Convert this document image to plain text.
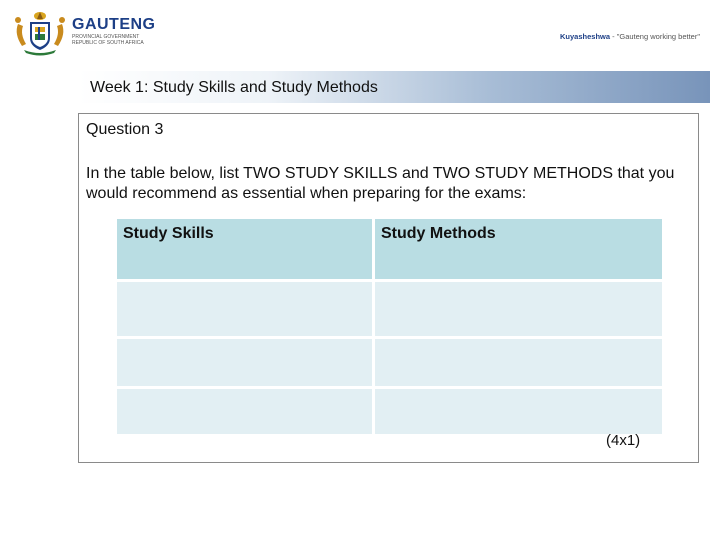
GAUTENG
PROVINCIAL GOVERNMENT
REPUBLIC OF SOUTH AFRICA
Kuyasheshwa - "Gauteng working better"
Week 1: Study Skills and Study Methods
Question 3
In the table below, list TWO STUDY SKILLS and TWO STUDY METHODS that you would recommend as essential when preparing for the exams:
Study Skills	Study Methods
(4x1)
